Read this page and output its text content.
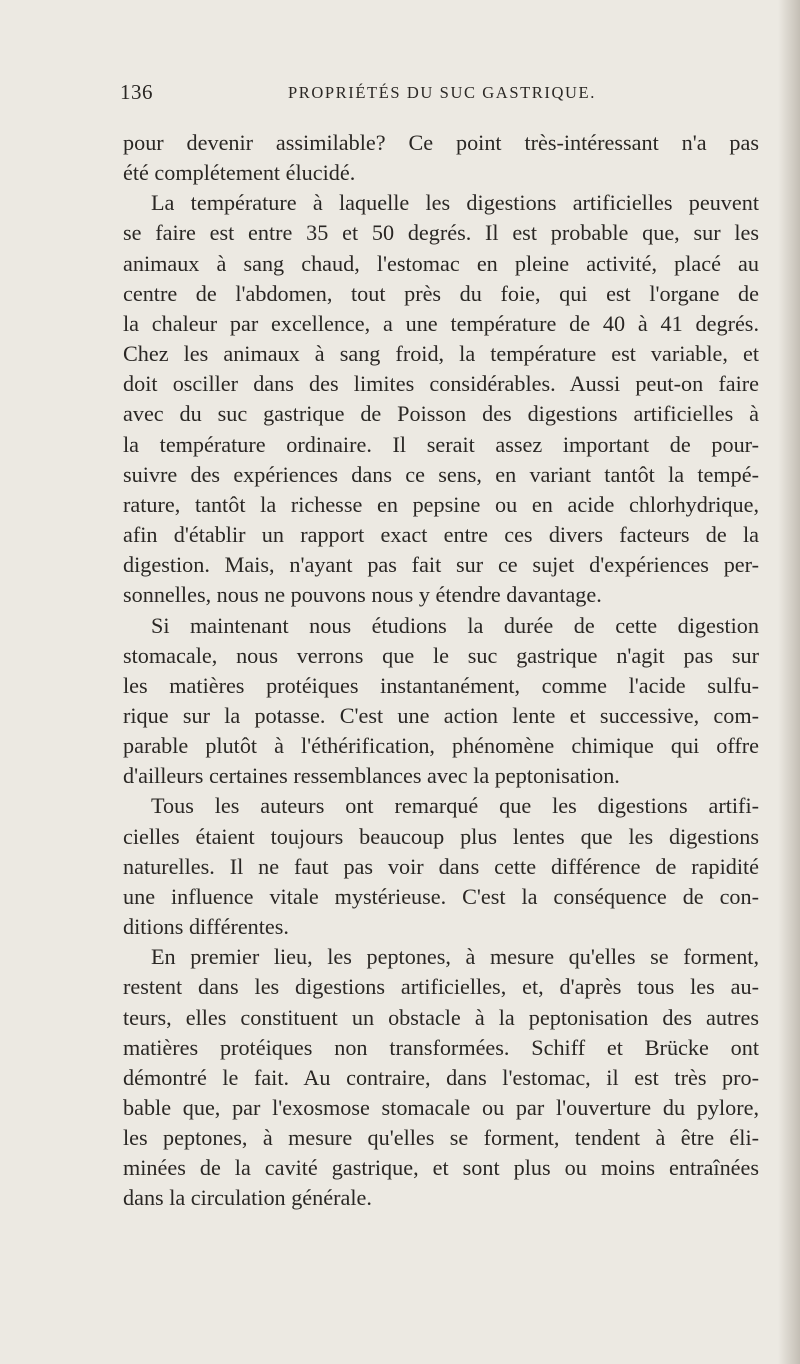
136	PROPRIÉTÉS DU SUC GASTRIQUE.
pour devenir assimilable? Ce point très-intéressant n'a pas
été complétement élucidé.
La température à laquelle les digestions artificielles peuvent
se faire est entre 35 et 50 degrés. Il est probable que, sur les
animaux à sang chaud, l'estomac en pleine activité, placé au
centre de l'abdomen, tout près du foie, qui est l'organe de
la chaleur par excellence, a une température de 40 à 41 degrés.
Chez les animaux à sang froid, la température est variable, et
doit osciller dans des limites considérables. Aussi peut-on faire
avec du suc gastrique de Poisson des digestions artificielles à
la température ordinaire. Il serait assez important de pour-
suivre des expériences dans ce sens, en variant tantôt la tempé-
rature, tantôt la richesse en pepsine ou en acide chlorhydrique,
afin d'établir un rapport exact entre ces divers facteurs de la
digestion. Mais, n'ayant pas fait sur ce sujet d'expériences per-
sonnelles, nous ne pouvons nous y étendre davantage.
Si maintenant nous étudions la durée de cette digestion
stomacale, nous verrons que le suc gastrique n'agit pas sur
les matières protéiques instantanément, comme l'acide sulfu-
rique sur la potasse. C'est une action lente et successive, com-
parable plutôt à l'éthérification, phénomène chimique qui offre
d'ailleurs certaines ressemblances avec la peptonisation.
Tous les auteurs ont remarqué que les digestions artifi-
cielles étaient toujours beaucoup plus lentes que les digestions
naturelles. Il ne faut pas voir dans cette différence de rapidité
une influence vitale mystérieuse. C'est la conséquence de con-
ditions différentes.
En premier lieu, les peptones, à mesure qu'elles se forment,
restent dans les digestions artificielles, et, d'après tous les au-
teurs, elles constituent un obstacle à la peptonisation des autres
matières protéiques non transformées. Schiff et Brücke ont
démontré le fait. Au contraire, dans l'estomac, il est très pro-
bable que, par l'exosmose stomacale ou par l'ouverture du pylore,
les peptones, à mesure qu'elles se forment, tendent à être éli-
minées de la cavité gastrique, et sont plus ou moins entraînées
dans la circulation générale.
